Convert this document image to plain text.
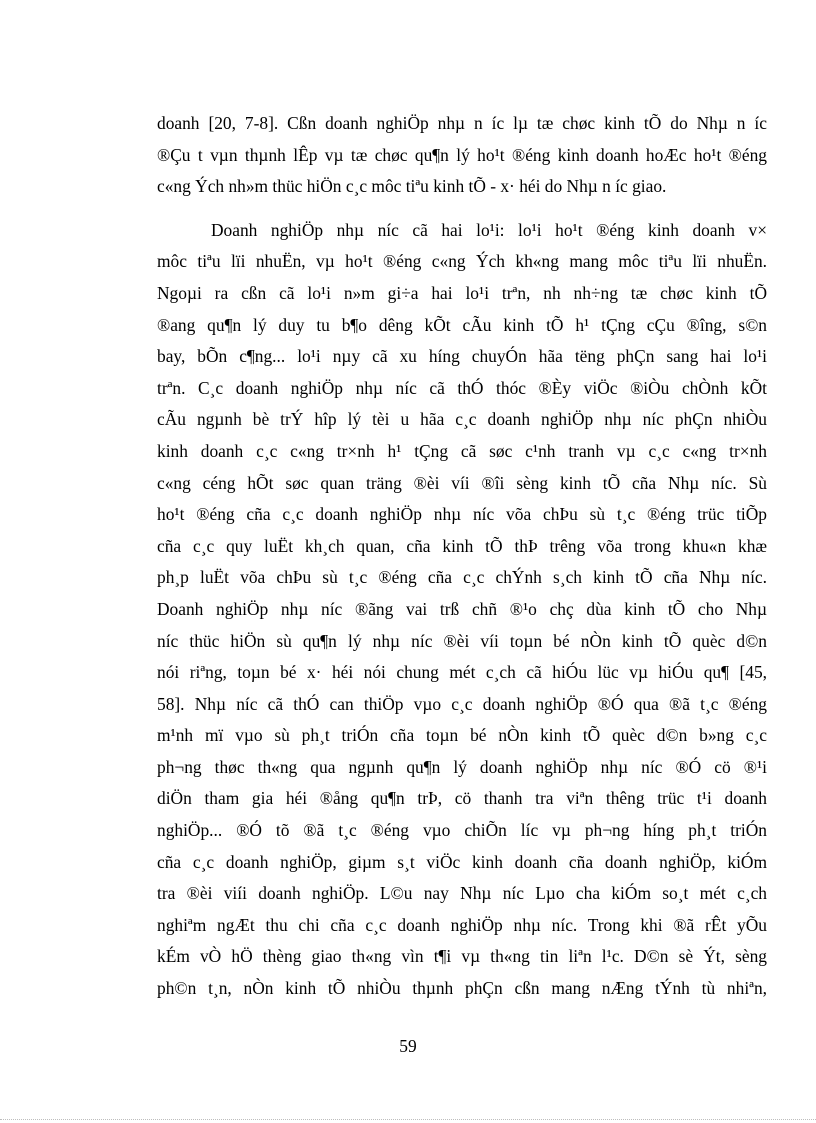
doanh [20, 7-8]. Cßn doanh nghiÖp nhµ n íc lµ tæ chøc kinh tÕ do Nhµ n íc
®Çu t vµn thµnh lÊp vµ tæ chøc qu¶n lý ho¹t ®éng kinh doanh hoÆc ho¹t ®éng
c«ng Ých nh»m thüc hiÖn c¸c môc tiªu kinh tÕ - x· héi do Nhµ n íc giao.
Doanh nghiÖp nhµ níc cã hai lo¹i: lo¹i ho¹t ®éng kinh doanh v×
môc tiªu lïi nhuËn, vµ ho¹t ®éng c«ng Ých kh«ng mang môc tiªu lïi nhuËn.
Ngoµi ra cßn cã lo¹i n»m gi÷a hai lo¹i trªn, nh nh÷ng tæ chøc kinh tÕ
®ang qu¶n lý duy tu b¶o dêng kÕt cÃu kinh tÕ h¹ tÇng cÇu ®îng, s©n
bay, bÕn c¶ng... lo¹i nµy cã xu híng chuyÓn hãa tëng phÇn sang hai lo¹i
trªn. C¸c doanh nghiÖp nhµ níc cã thÓ thóc ®Èy viÖc ®iÒu chÒnh kÕt
cÃu ngµnh bè trÝ hîp lý tèi u hãa c¸c doanh nghiÖp nhµ níc phÇn nhiÒu
kinh doanh c¸c c«ng tr×nh h¹ tÇng cã søc c¹nh tranh vµ c¸c c«ng tr×nh
c«ng céng hÕt søc quan träng ®èi víi ®îi sèng kinh tÕ cña Nhµ níc. Sù
ho¹t ®éng cña c¸c doanh nghiÖp nhµ níc võa chÞu sù t¸c ®éng trüc tiÕp
cña c¸c quy luËt kh¸ch quan, cña kinh tÕ thÞ trêng võa trong khu«n khæ
ph¸p luËt võa chÞu sù t¸c ®éng cña c¸c chÝnh s¸ch kinh tÕ cña Nhµ níc.
Doanh nghiÖp nhµ níc ®ãng vai trß chñ ®¹o chç dùa kinh tÕ cho Nhµ
níc thüc hiÖn sù qu¶n lý nhµ níc ®èi víi toµn bé nÒn kinh tÕ quèc d©n
nói riªng, toµn bé x· héi nói chung mét c¸ch cã hiÓu lüc vµ hiÓu qu¶ [45,
58]. Nhµ níc cã thÓ can thiÖp vµo c¸c doanh nghiÖp ®Ó qua ®ã t¸c ®éng
m¹nh mï vµo sù ph¸t triÓn cña toµn bé nÒn kinh tÕ quèc d©n b»ng c¸c
ph¬ng thøc th«ng qua ngµnh qu¶n lý doanh nghiÖp nhµ níc ®Ó cö ®¹i
diÖn tham gia héi ®ång qu¶n trÞ, cö thanh tra viªn thêng trüc t¹i doanh
nghiÖp... ®Ó tõ ®ã t¸c ®éng vµo chiÕn líc vµ ph¬ng híng ph¸t triÓn
cña c¸c doanh nghiÖp, giµm s¸t viÖc kinh doanh cña doanh nghiÖp, kiÓm
tra ®èi viíi doanh nghiÖp. L©u nay Nhµ níc Lµo cha kiÓm so¸t mét c¸ch
nghiªm ngÆt thu chi cña c¸c doanh nghiÖp nhµ níc. Trong khi ®ã rÊt yÕu
kÉm vÒ hÖ thèng giao th«ng vìn t¶i vµ th«ng tin liªn l¹c. D©n sè Ýt, sèng
ph©n t¸n, nÒn kinh tÕ nhiÒu thµnh phÇn cßn mang nÆng tÝnh tù nhiªn,
59
